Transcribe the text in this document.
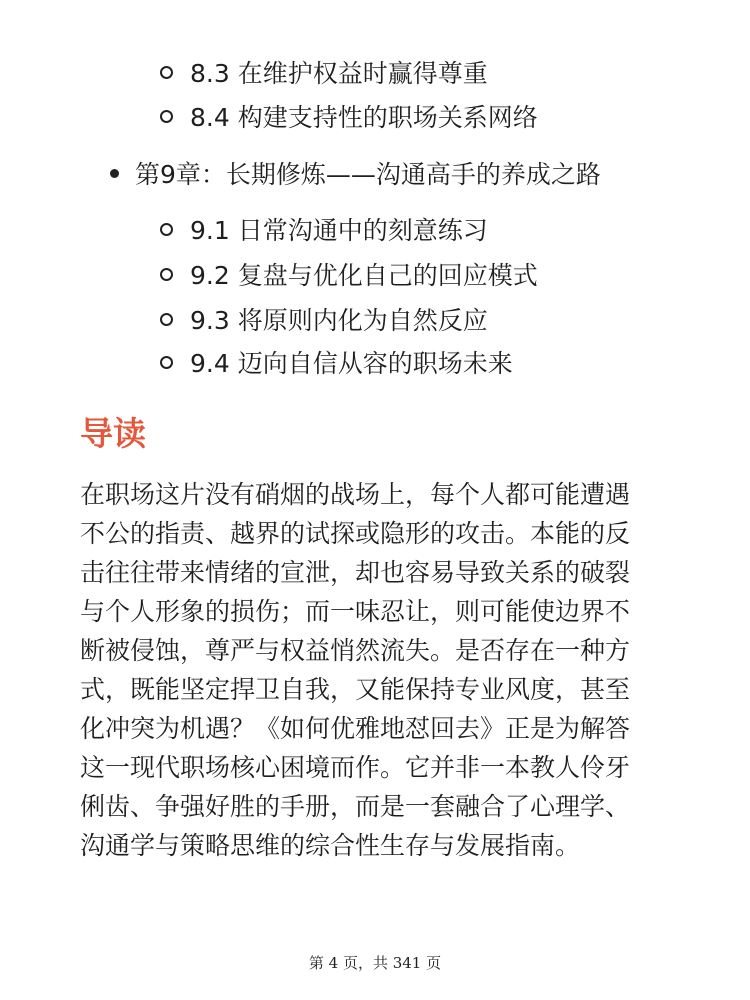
8.3 在维护权益时赢得尊重
8.4 构建支持性的职场关系网络
第9章：长期修炼——沟通高手的养成之路
9.1 日常沟通中的刻意练习
9.2 复盘与优化自己的回应模式
9.3 将原则内化为自然反应
9.4 迈向自信从容的职场未来
导读

在职场这片没有硝烟的战场上，每个人都可能遭遇
不公的指责、越界的试探或隐形的攻击。本能的反
击往往带来情绪的宣泄，却也容易导致关系的破裂
与个人形象的损伤；而一味忍让，则可能使边界不
断被侵蚀，尊严与权益悄然流失。是否存在一种方
式，既能坚定捍卫自我，又能保持专业风度，甚至
化冲突为机遇？《如何优雅地怼回去》正是为解答
这一现代职场核心困境而作。它并非一本教人伶牙
俐齿、争强好胜的手册，而是一套融合了心理学、
沟通学与策略思维的综合性生存与发展指南。

第 4 页，共 341 页
